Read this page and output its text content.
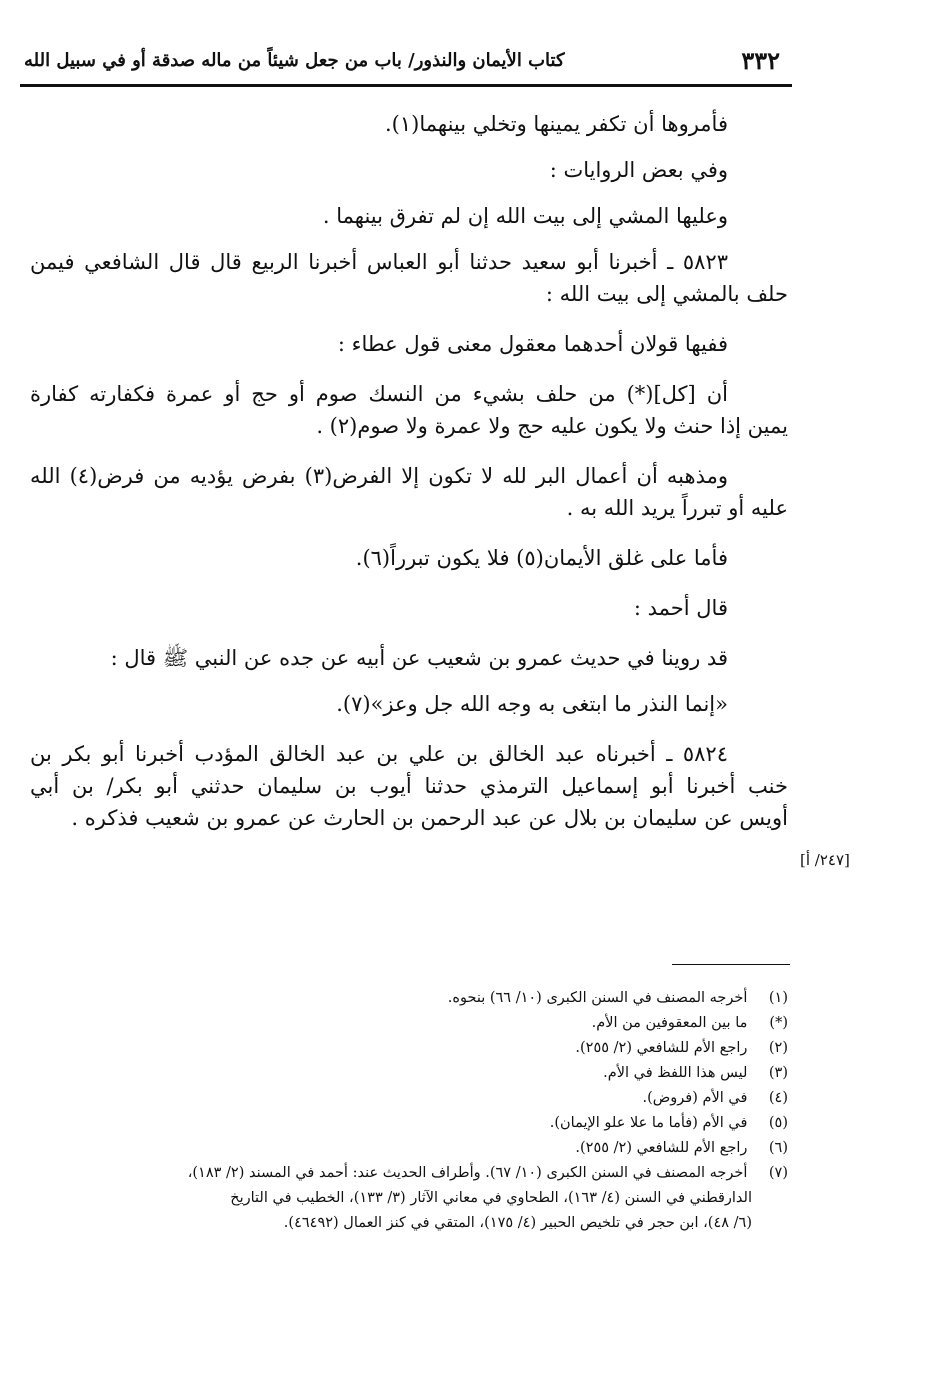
٣٣٢
كتاب الأيمان والنذور/ باب من جعل شيئاً من ماله صدقة أو في سبيل الله

فأمروها أن تكفر يمينها وتخلي بينهما(١).

وفي بعض الروايات :

وعليها المشي إلى بيت الله إن لم تفرق بينهما .

٥٨٢٣ ـ أخبرنا أبو سعيد حدثنا أبو العباس أخبرنا الربيع قال قال الشافعي فيمن
حلف بالمشي إلى بيت الله :

ففيها قولان أحدهما معقول معنى قول عطاء :

أن [كل](*) من حلف بشيء من النسك صوم أو حج أو عمرة فكفارته كفارة
يمين إذا حنث ولا يكون عليه حج ولا عمرة ولا صوم(٢) .

ومذهبه أن أعمال البر لله لا تكون إلا الفرض(٣) بفرض يؤديه من فرض(٤) الله
عليه أو تبرراً يريد الله به .

فأما على غلق الأيمان(٥) فلا يكون تبرراً(٦).

قال أحمد :

قد روينا في حديث عمرو بن شعيب عن أبيه عن جده عن النبي ﷺ قال :

«إنما النذر ما ابتغى به وجه الله جل وعز»(٧).

٥٨٢٤ ـ أخبرناه عبد الخالق بن علي بن عبد الخالق المؤدب أخبرنا أبو بكر بن
خنب أخبرنا أبو إسماعيل الترمذي حدثنا أيوب بن سليمان حدثني أبو بكر/ بن أبي
أويس عن سليمان بن بلال عن عبد الرحمن بن الحارث عن عمرو بن شعيب فذكره .

[٢٤٧/ أ]
(١) أخرجه المصنف في السنن الكبرى (١٠/ ٦٦) بنحوه.
(*) ما بين المعقوفين من الأم.
(٢) راجع الأم للشافعي (٢/ ٢٥٥).
(٣) ليس هذا اللفظ في الأم.
(٤) في الأم (فروض).
(٥) في الأم (فأما ما علا علو الإيمان).
(٦) راجع الأم للشافعي (٢/ ٢٥٥).
(٧) أخرجه المصنف في السنن الكبرى (١٠/ ٦٧). وأطراف الحديث عند: أحمد في المسند (٢/ ١٨٣)،
الدارقطني في السنن (٤/ ١٦٣)، الطحاوي في معاني الآثار (٣/ ١٣٣)، الخطيب في التاريخ
(٦/ ٤٨)، ابن حجر في تلخيص الحبير (٤/ ١٧٥)، المتقي في كنز العمال (٤٦٤٩٢).
